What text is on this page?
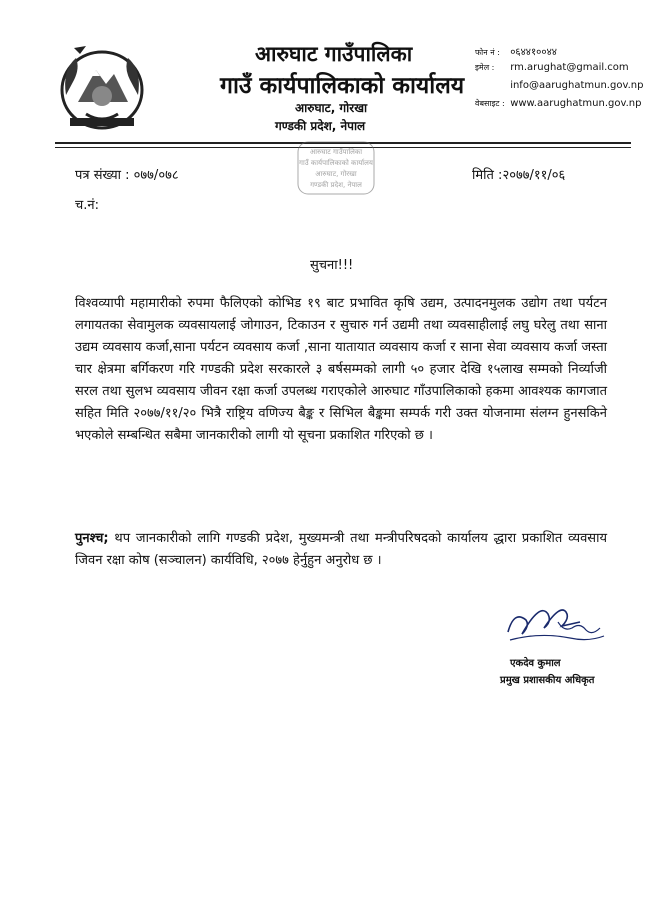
आरुघाट गाउँपालिका
गाउँ कार्यपालिकाको कार्यालय
आरुघाट, गोरखा
गण्डकी प्रदेश, नेपाल
फोन नं : ०६४४१००४४
इमेल : rm.arughat@gmail.com
info@aarughatmun.gov.np
वेबसाइट : www.aarughatmun.gov.np
आरुघाट गाउँपालिका
गाउँ कार्यपालिकाको कार्यालय
आरुघाट, गोरखा
गण्डकी प्रदेश, नेपाल
पत्र संख्या : ०७७/०७८	मिति :२०७७/११/०६
च.नं:
सुचना!!!

विश्वव्यापी महामारीको रुपमा फैलिएको कोभिड १९ बाट प्रभावित कृषि उद्यम, उत्पादनमुलक उद्योग तथा पर्यटन लगायतका सेवामुलक व्यवसायलाई जोगाउन, टिकाउन र सुचारु गर्न उद्यमी तथा व्यवसाहीलाई लघु घरेलु तथा साना उद्यम व्यवसाय कर्जा,साना पर्यटन व्यवसाय कर्जा ,साना यातायात व्यवसाय कर्जा र साना सेवा व्यवसाय कर्जा जस्ता चार क्षेत्रमा बर्गिकरण गरि गण्डकी प्रदेश सरकारले ३ बर्षसम्मको लागी ५० हजार देखि १५लाख सम्मको निर्व्याजी सरल तथा सुलभ व्यवसाय जीवन रक्षा कर्जा उपलब्ध गराएकोले आरुघाट गाँउपालिकाको हकमा आवश्यक कागजात सहित मिति २०७७/११/२० भित्रै राष्ट्रिय वणिज्य बैङ्क र सिभिल बैङ्कमा सम्पर्क गरी उक्त योजनामा संलग्न हुनसकिने भएकोले सम्बन्धित सबैमा जानकारीको लागी यो सूचना प्रकाशित गरिएको छ ।

पुनश्च; थप जानकारीको लागि गण्डकी प्रदेश, मुख्यमन्त्री तथा मन्त्रीपरिषदको कार्यालय द्धारा प्रकाशित व्यवसाय जिवन रक्षा कोष (सञ्चालन) कार्यविधि, २०७७ हेर्नुहुन अनुरोध छ ।

एकदेव कुमाल
प्रमुख प्रशासकीय अधिकृत
